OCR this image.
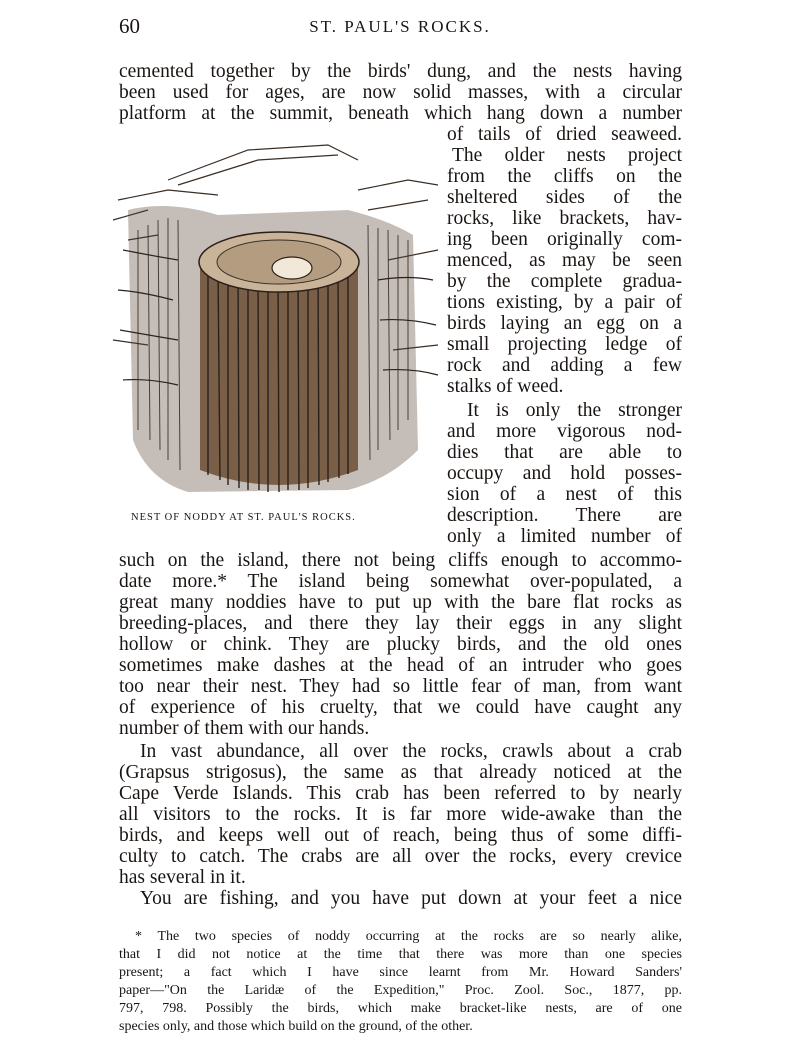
60	ST. PAUL'S ROCKS.
NEST OF NODDY AT ST. PAUL'S ROCKS.
cemented together by the birds' dung, and the nests having
been used for ages, are now solid masses, with a circular
platform at the summit, beneath which hang down a number
of tails of dried seaweed.
The older nests project
from the cliffs on the
sheltered sides of the
rocks, like brackets, hav-
ing been originally com-
menced, as may be seen
by the complete gradua-
tions existing, by a pair of
birds laying an egg on a
small projecting ledge of
rock and adding a few
stalks of weed.
It is only the stronger
and more vigorous nod-
dies that are able to
occupy and hold posses-
sion of a nest of this
description. There are
only a limited number of
such on the island, there not being cliffs enough to accommo-
date more.* The island being somewhat over-populated, a
great many noddies have to put up with the bare flat rocks as
breeding-places, and there they lay their eggs in any slight
hollow or chink. They are plucky birds, and the old ones
sometimes make dashes at the head of an intruder who goes
too near their nest. They had so little fear of man, from want
of experience of his cruelty, that we could have caught any
number of them with our hands.
In vast abundance, all over the rocks, crawls about a crab
(Grapsus strigosus), the same as that already noticed at the
Cape Verde Islands. This crab has been referred to by nearly
all visitors to the rocks. It is far more wide-awake than the
birds, and keeps well out of reach, being thus of some diffi-
culty to catch. The crabs are all over the rocks, every crevice
has several in it.
You are fishing, and you have put down at your feet a nice
* The two species of noddy occurring at the rocks are so nearly alike,
that I did not notice at the time that there was more than one species
present; a fact which I have since learnt from Mr. Howard Sanders'
paper—"On the Laridæ of the Expedition," Proc. Zool. Soc., 1877, pp.
797, 798. Possibly the birds, which make bracket-like nests, are of one
species only, and those which build on the ground, of the other.
